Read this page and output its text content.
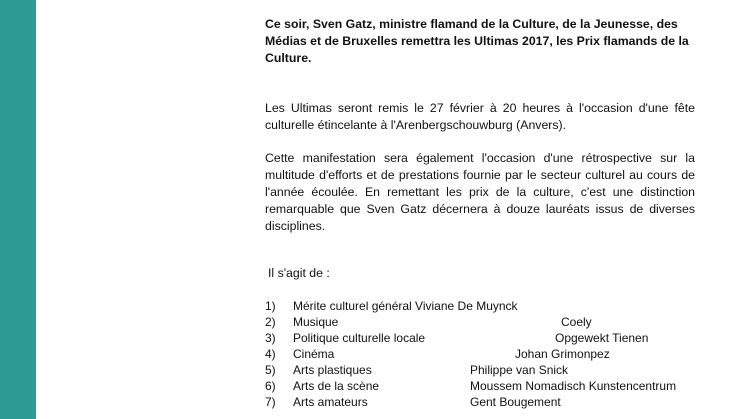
Ce soir, Sven Gatz, ministre flamand de la Culture, de la Jeunesse, des Médias et de Bruxelles remettra les Ultimas 2017, les Prix flamands de la Culture.
Les Ultimas seront remis le 27 février à 20 heures à l'occasion d'une fête culturelle étincelante à l'Arenbergschouwburg (Anvers).
Cette manifestation sera également l'occasion d'une rétrospective sur la multitude d'efforts et de prestations fournie par le secteur culturel au cours de l'année écoulée. En remettant les prix de la culture, c'est une distinction remarquable que Sven Gatz décernera à douze lauréats issus de diverses disciplines.
Il s'agit de :
1) Mérite culturel général Viviane De Muynck
2) Musique	Coely
3) Politique culturelle locale	Opgewekt Tienen
4) Cinéma	Johan Grimonpez
5) Arts plastiques	Philippe van Snick
6) Arts de la scène	Moussem Nomadisch Kunstencentrum
7) Arts amateurs	Gent Bougement
